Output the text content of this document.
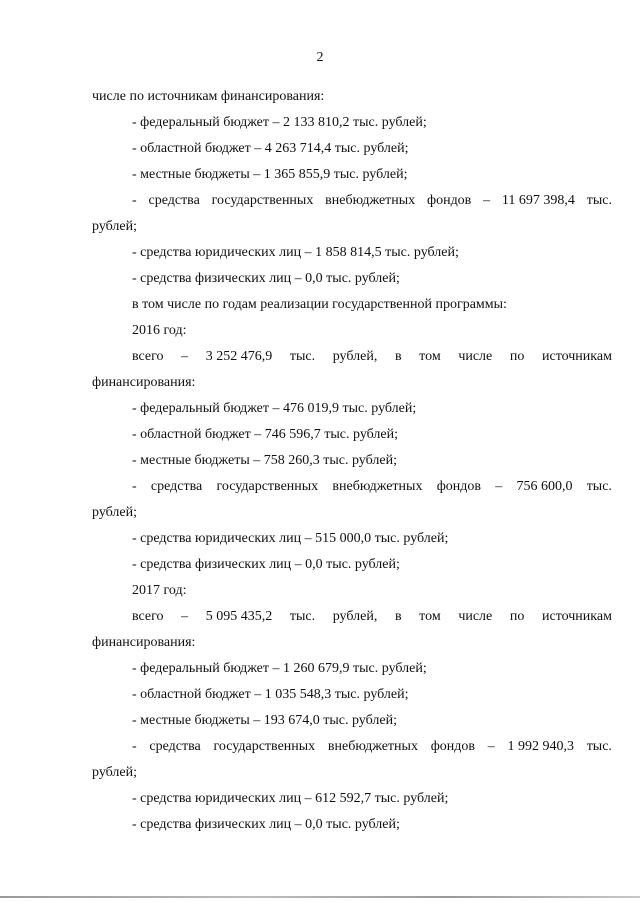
2
числе по источникам финансирования:
- федеральный бюджет – 2 133 810,2 тыс. рублей;
- областной бюджет – 4 263 714,4 тыс. рублей;
- местные бюджеты – 1 365 855,9 тыс. рублей;
- средства государственных внебюджетных фондов – 11 697 398,4 тыс.
рублей;
- средства юридических лиц – 1 858 814,5 тыс. рублей;
- средства физических лиц – 0,0 тыс. рублей;
в том числе по годам реализации государственной программы:
2016 год:
всего – 3 252 476,9 тыс. рублей, в том числе по источникам
финансирования:
- федеральный бюджет – 476 019,9 тыс. рублей;
- областной бюджет – 746 596,7 тыс. рублей;
- местные бюджеты – 758 260,3 тыс. рублей;
- средства государственных внебюджетных фондов – 756 600,0 тыс.
рублей;
- средства юридических лиц – 515 000,0 тыс. рублей;
- средства физических лиц – 0,0 тыс. рублей;
2017 год:
всего – 5 095 435,2 тыс. рублей, в том числе по источникам
финансирования:
- федеральный бюджет – 1 260 679,9 тыс. рублей;
- областной бюджет – 1 035 548,3 тыс. рублей;
- местные бюджеты – 193 674,0 тыс. рублей;
- средства государственных внебюджетных фондов – 1 992 940,3 тыс.
рублей;
- средства юридических лиц – 612 592,7 тыс. рублей;
- средства физических лиц – 0,0 тыс. рублей;
